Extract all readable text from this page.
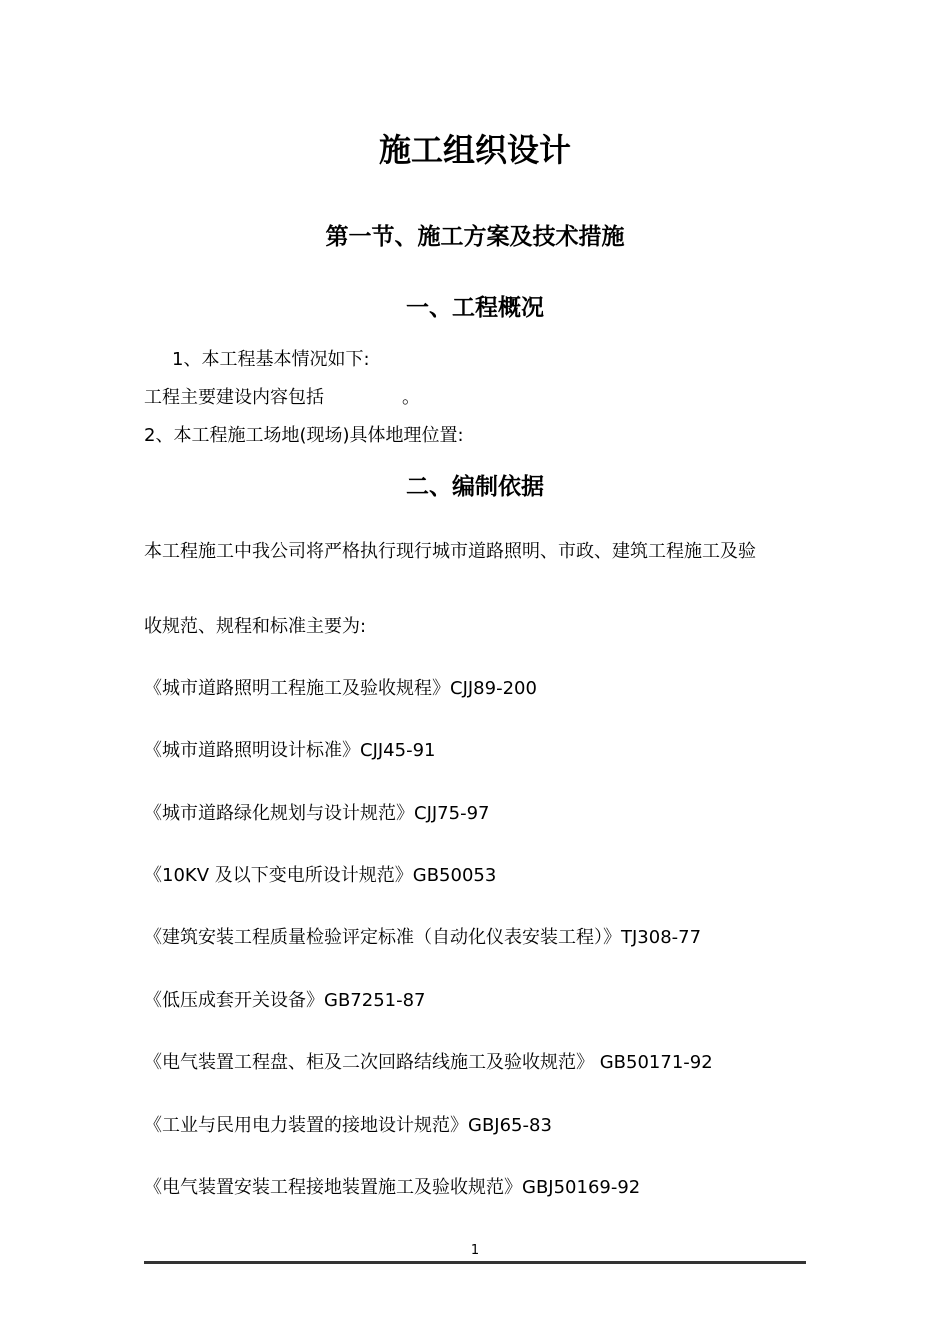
施工组织设计
第一节、施工方案及技术措施
一、工程概况
1、本工程基本情况如下:
工程主要建设内容包括	。
2、本工程施工场地(现场)具体地理位置:
二、编制依据
本工程施工中我公司将严格执行现行城市道路照明、市政、建筑工程施工及验
收规范、规程和标准主要为:
《城市道路照明工程施工及验收规程》CJJ89-200
《城市道路照明设计标准》CJJ45-91
《城市道路绿化规划与设计规范》CJJ75-97
《10KV 及以下变电所设计规范》GB50053
《建筑安装工程质量检验评定标准（自动化仪表安装工程）》TJ308-77
《低压成套开关设备》GB7251-87
《电气装置工程盘、柜及二次回路结线施工及验收规范》 GB50171-92
《工业与民用电力装置的接地设计规范》GBJ65-83
《电气装置安装工程接地装置施工及验收规范》GBJ50169-92
1
